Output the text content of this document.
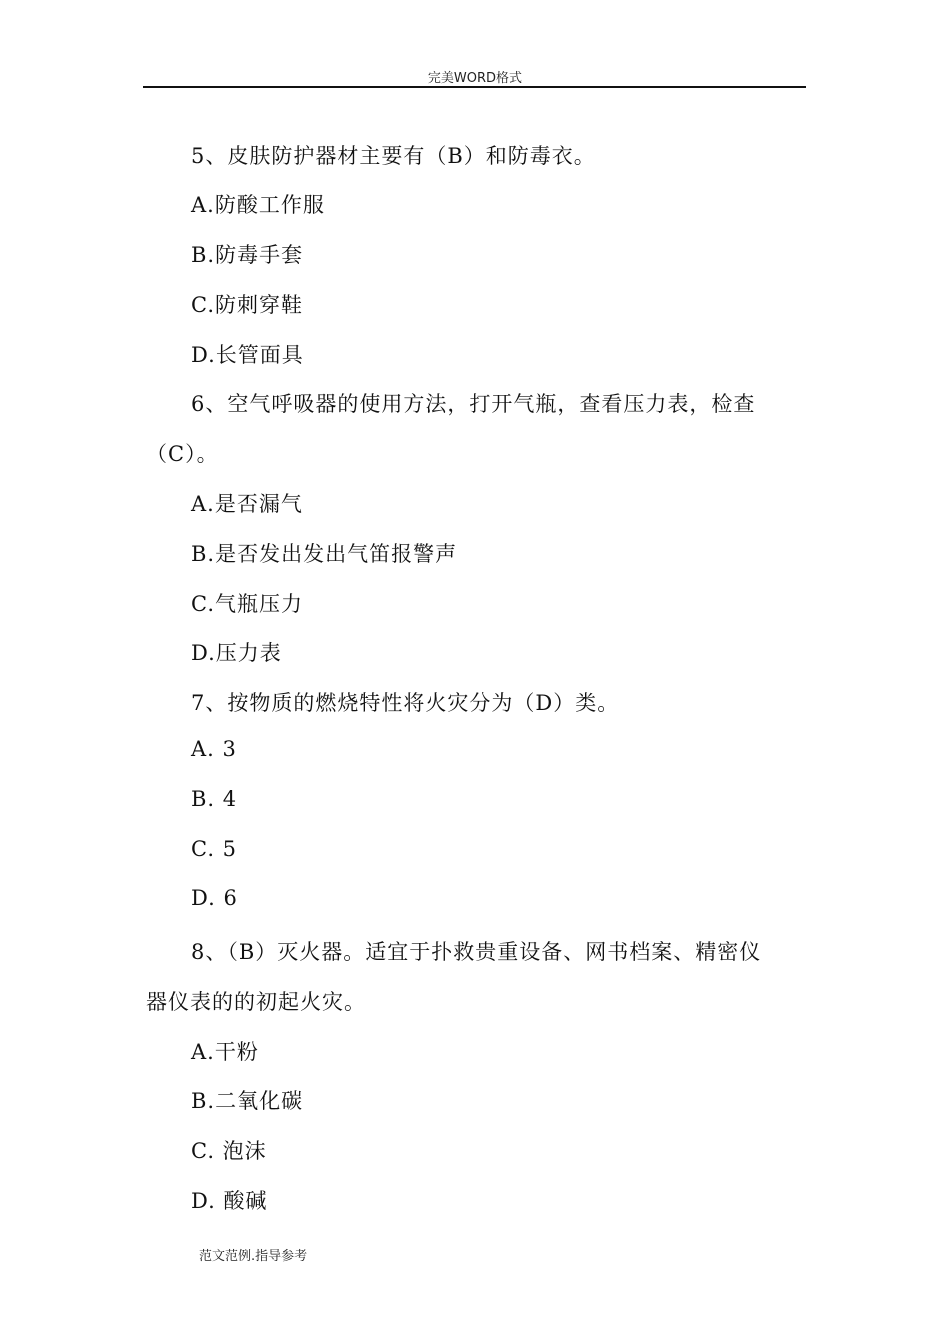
完美WORD格式
5、皮肤防护器材主要有（B）和防毒衣。
A.防酸工作服
B.防毒手套
C.防刺穿鞋
D.长管面具
6、空气呼吸器的使用方法，打开气瓶，查看压力表，检查
（C）。
A.是否漏气
B.是否发出发出气笛报警声
C.气瓶压力
D.压力表
7、按物质的燃烧特性将火灾分为（D）类。
A. 3
B. 4
C. 5
D. 6
8、（B）灭火器。适宜于扑救贵重设备、网书档案、精密仪
器仪表的的初起火灾。
A.干粉
B.二氧化碳
C. 泡沫
D. 酸碱
范文范例.指导参考
